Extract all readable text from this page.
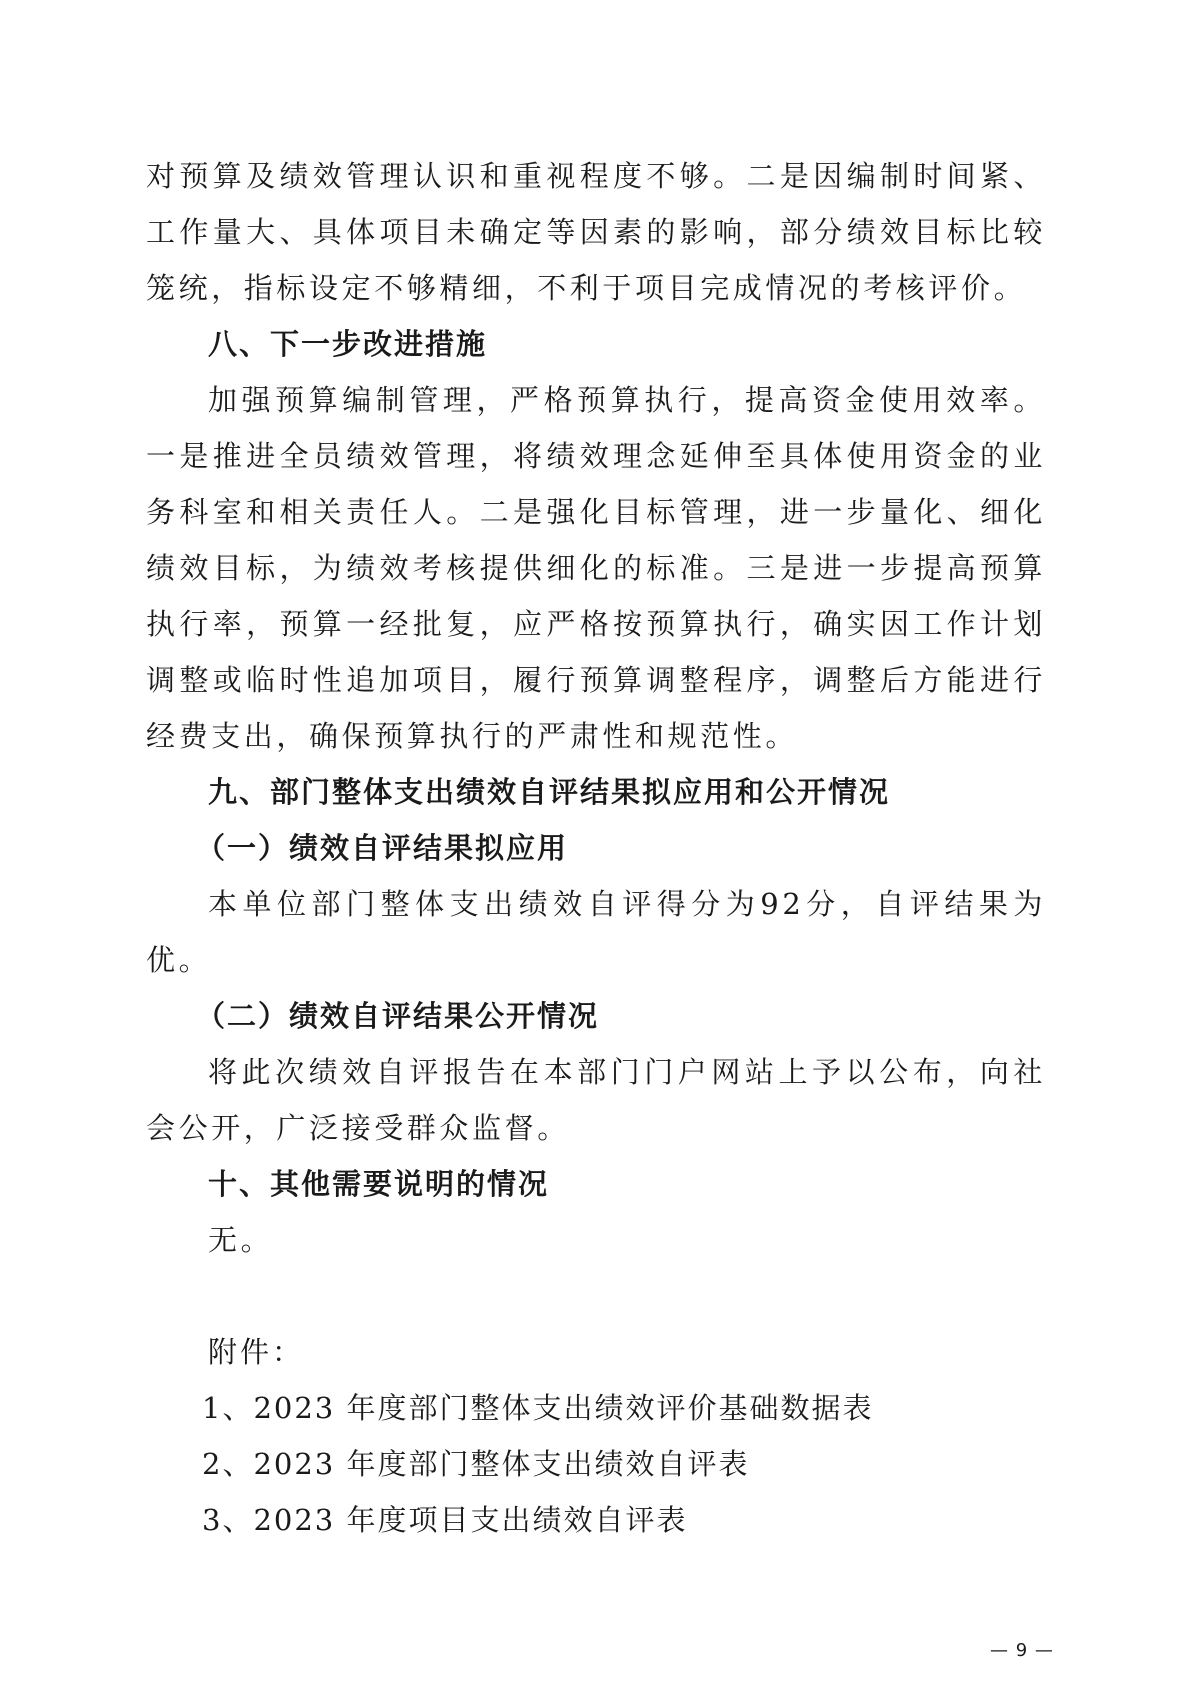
对预算及绩效管理认识和重视程度不够。二是因编制时间紧、工作量大、具体项目未确定等因素的影响，部分绩效目标比较笼统，指标设定不够精细，不利于项目完成情况的考核评价。

八、下一步改进措施

加强预算编制管理，严格预算执行，提高资金使用效率。一是推进全员绩效管理，将绩效理念延伸至具体使用资金的业务科室和相关责任人。二是强化目标管理，进一步量化、细化绩效目标，为绩效考核提供细化的标准。三是进一步提高预算执行率，预算一经批复，应严格按预算执行，确实因工作计划调整或临时性追加项目，履行预算调整程序，调整后方能进行经费支出，确保预算执行的严肃性和规范性。

九、部门整体支出绩效自评结果拟应用和公开情况

（一）绩效自评结果拟应用

本单位部门整体支出绩效自评得分为92分，自评结果为优。

（二）绩效自评结果公开情况

将此次绩效自评报告在本部门门户网站上予以公布，向社会公开，广泛接受群众监督。

十、其他需要说明的情况

无。

附件：

1、2023 年度部门整体支出绩效评价基础数据表

2、2023 年度部门整体支出绩效自评表

3、2023 年度项目支出绩效自评表

— 9 —
